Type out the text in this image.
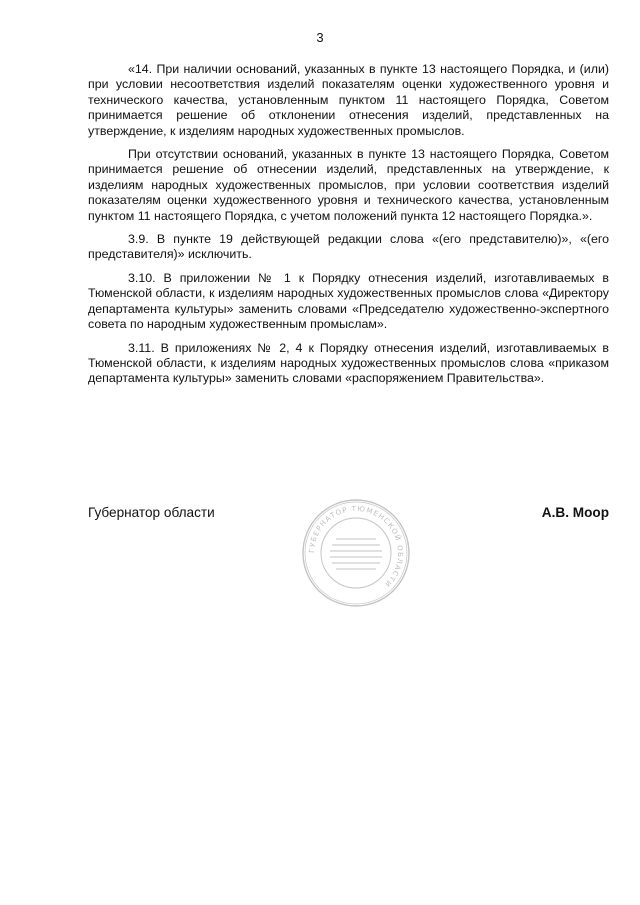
3

«14. При наличии оснований, указанных в пункте 13 настоящего Порядка, и (или) при условии несоответствия изделий показателям оценки художественного уровня и технического качества, установленным пунктом 11 настоящего Порядка, Советом принимается решение об отклонении отнесения изделий, представленных на утверждение, к изделиям народных художественных промыслов.

При отсутствии оснований, указанных в пункте 13 настоящего Порядка, Советом принимается решение об отнесении изделий, представленных на утверждение, к изделиям народных художественных промыслов, при условии соответствия изделий показателям оценки художественного уровня и технического качества, установленным пунктом 11 настоящего Порядка, с учетом положений пункта 12 настоящего Порядка.».

3.9. В пункте 19 действующей редакции слова «(его представителю)», «(его представителя)» исключить.

3.10. В приложении № 1 к Порядку отнесения изделий, изготавливаемых в Тюменской области, к изделиям народных художественных промыслов слова «Директору департамента культуры» заменить словами «Председателю художественно-экспертного совета по народным художественным промыслам».

3.11. В приложениях № 2, 4 к Порядку отнесения изделий, изготавливаемых в Тюменской области, к изделиям народных художественных промыслов слова «приказом департамента культуры» заменить словами «распоряжением Правительства».

ГУБЕРНАТОР ТЮМЕНСКОЙ ОБЛАСТИ
Губернатор области	А.В. Моор
